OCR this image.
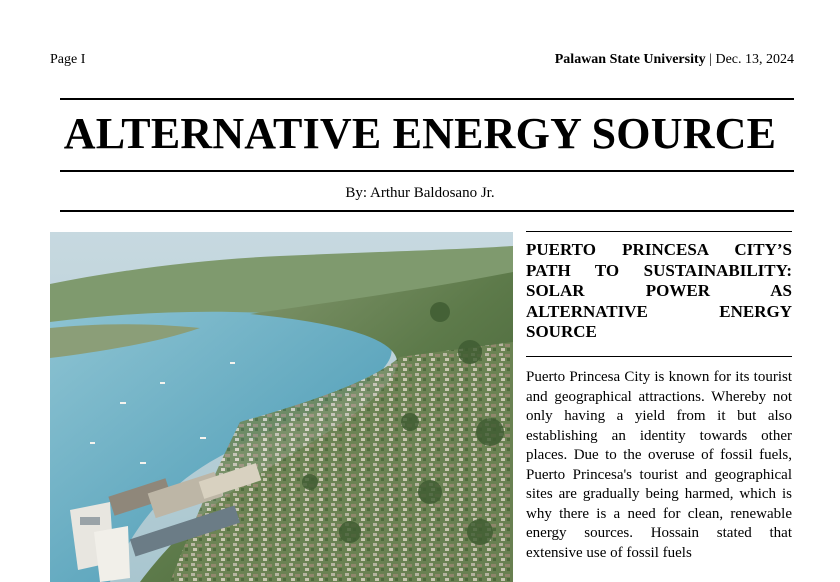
Page I	Palawan State University | Dec. 13, 2024
ALTERNATIVE ENERGY SOURCE
By: Arthur Baldosano Jr.
PUERTO PRINCESA CITY’S PATH TO SUSTAINABILITY: SOLAR POWER AS ALTERNATIVE ENERGY SOURCE
Puerto Princesa City is known for its tourist and geographical attractions. Whereby not only having a yield from it but also establishing an identity towards other places. Due to the overuse of fossil fuels, Puerto Princesa's tourist and geographical sites are gradually being harmed, which is why there is a need for clean, renewable energy sources. Hossain stated that extensive use of fossil fuels
